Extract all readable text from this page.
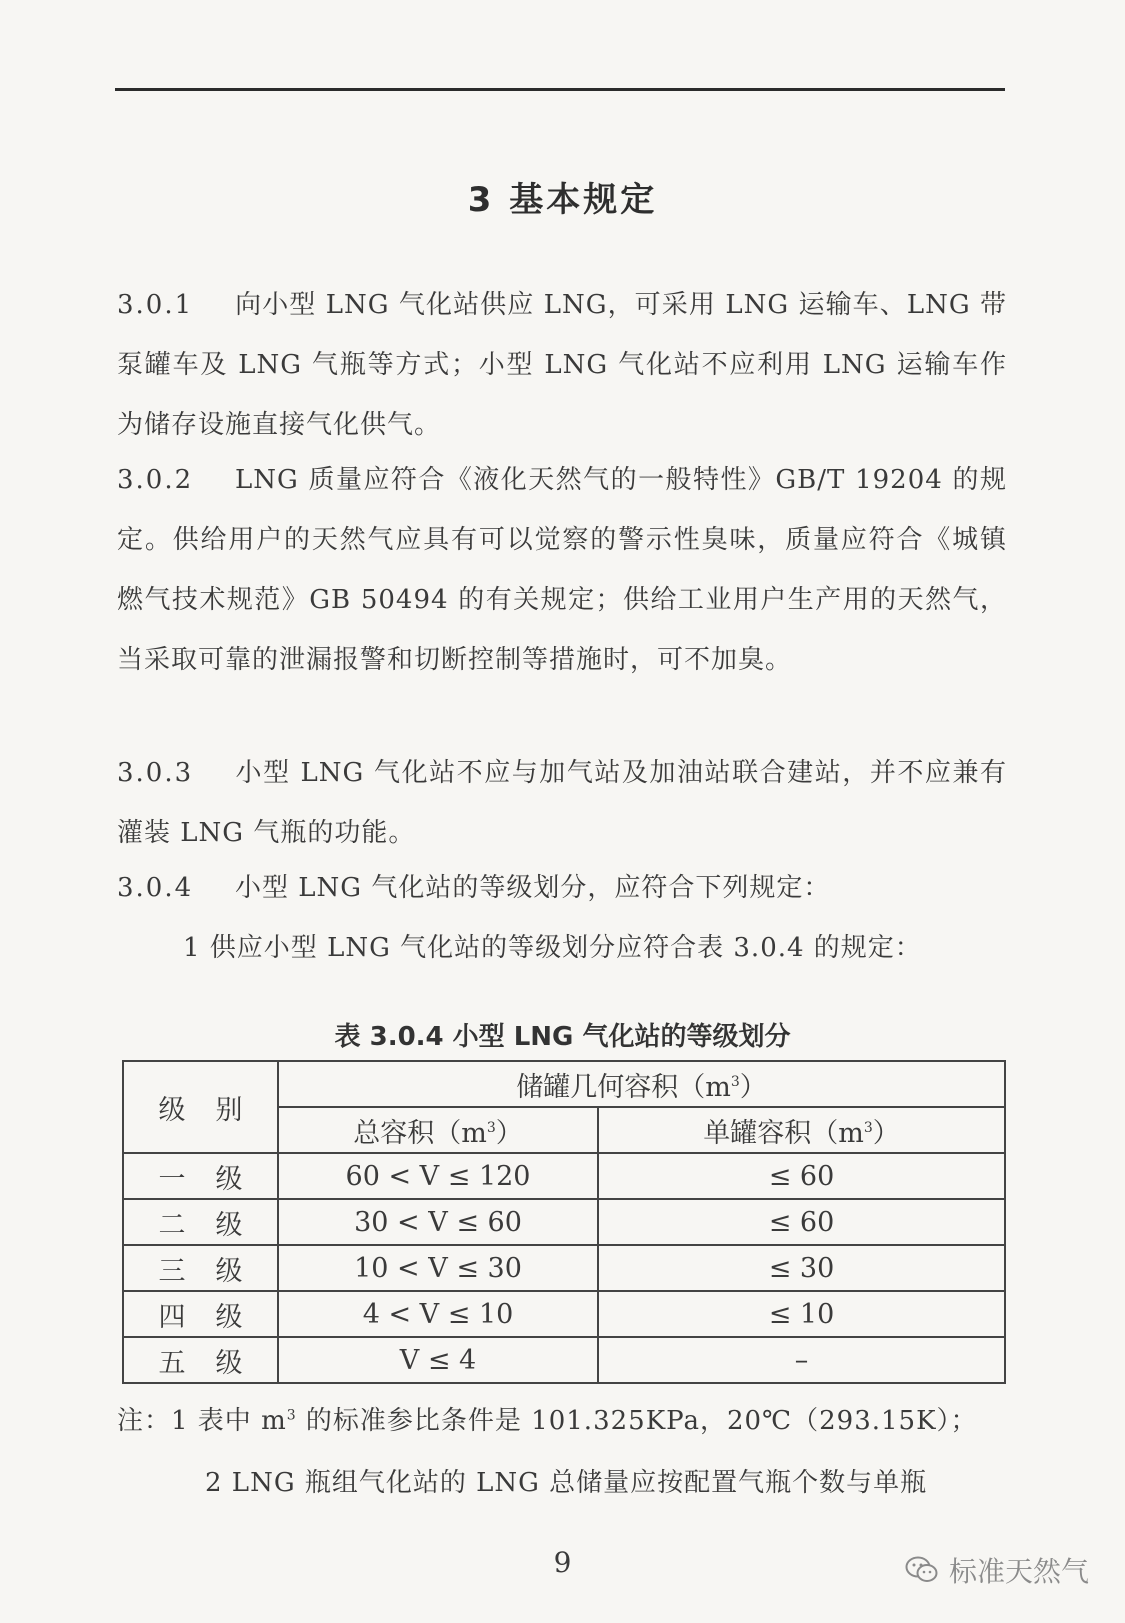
3 基本规定

3.0.1 向小型 LNG 气化站供应 LNG，可采用 LNG 运输车、LNG 带泵罐车及 LNG 气瓶等方式；小型 LNG 气化站不应利用 LNG 运输车作为储存设施直接气化供气。

3.0.2 LNG 质量应符合《液化天然气的一般特性》GB/T 19204 的规定。供给用户的天然气应具有可以觉察的警示性臭味，质量应符合《城镇燃气技术规范》GB 50494 的有关规定；供给工业用户生产用的天然气，当采取可靠的泄漏报警和切断控制等措施时，可不加臭。

3.0.3 小型 LNG 气化站不应与加气站及加油站联合建站，并不应兼有灌装 LNG 气瓶的功能。

3.0.4 小型 LNG 气化站的等级划分，应符合下列规定：

1 供应小型 LNG 气化站的等级划分应符合表 3.0.4 的规定：

表 3.0.4 小型 LNG 气化站的等级划分
级别	储罐几何容积$(m^3)$	
	总容积$(m^3)$	单罐容积$(m^3)$
一级	60 < V ≤ 120	≤ 60
二级	30 < V ≤ 60	≤ 60
三级	10 < V ≤ 30	≤ 30
四级	4 < V ≤ 10	≤ 10
五级	V ≤ 4	–
注：1 表中 $m^3$ 的标准参比条件是 101.325KPa，20℃（293.15K）；
2 LNG 瓶组气化站的 LNG 总储量应按配置气瓶个数与单瓶
9	标准天然气
